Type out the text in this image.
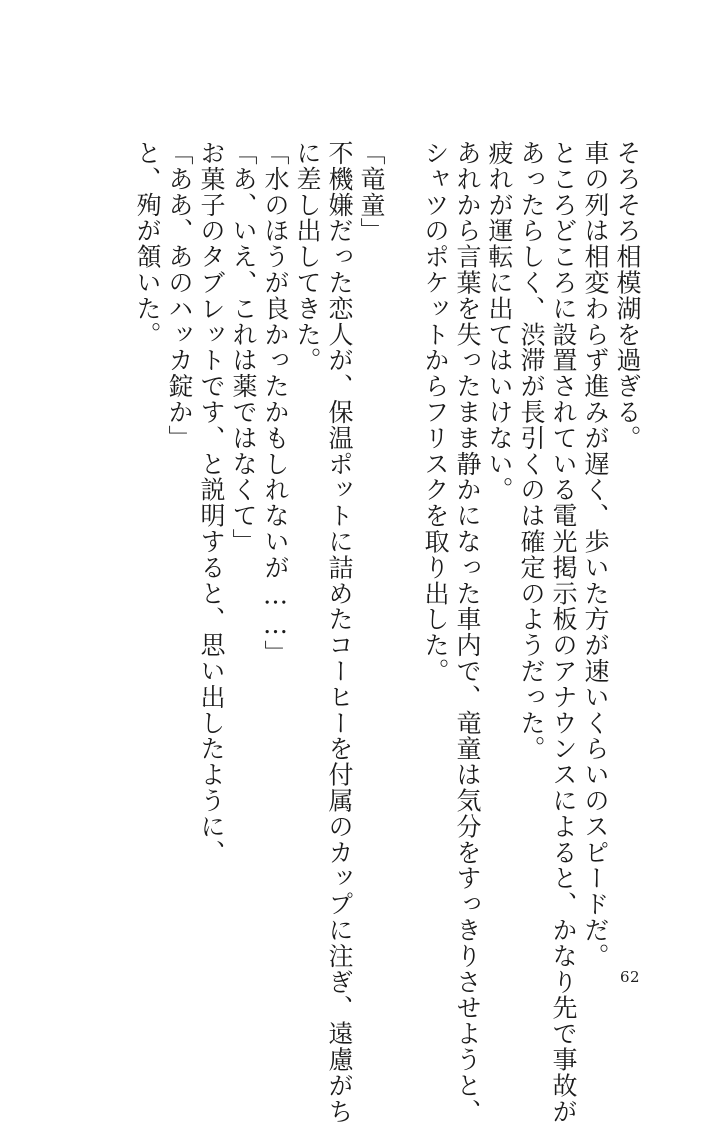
そろそろ相模湖を過ぎる。
車の列は相変わらず進みが遅く、歩いた方が速いくらいのスピードだ。
ところどころに設置されている電光掲示板のアナウンスによると、かなり先で事故が
あったらしく、渋滞が長引くのは確定のようだった。
疲れが運転に出てはいけない。
あれから言葉を失ったまま静かになった車内で、竜童は気分をすっきりさせようと、
シャツのポケットからフリスクを取り出した。
「竜童」
不機嫌だった恋人が、保温ポットに詰めたコーヒーを付属のカップに注ぎ、遠慮がち
に差し出してきた。
「水のほうが良かったかもしれないが……」
「あ、いえ、これは薬ではなくて」
お菓子のタブレットです、と説明すると、思い出したように、
「ああ、あのハッカ錠か」
と、殉が頷いた。
62
